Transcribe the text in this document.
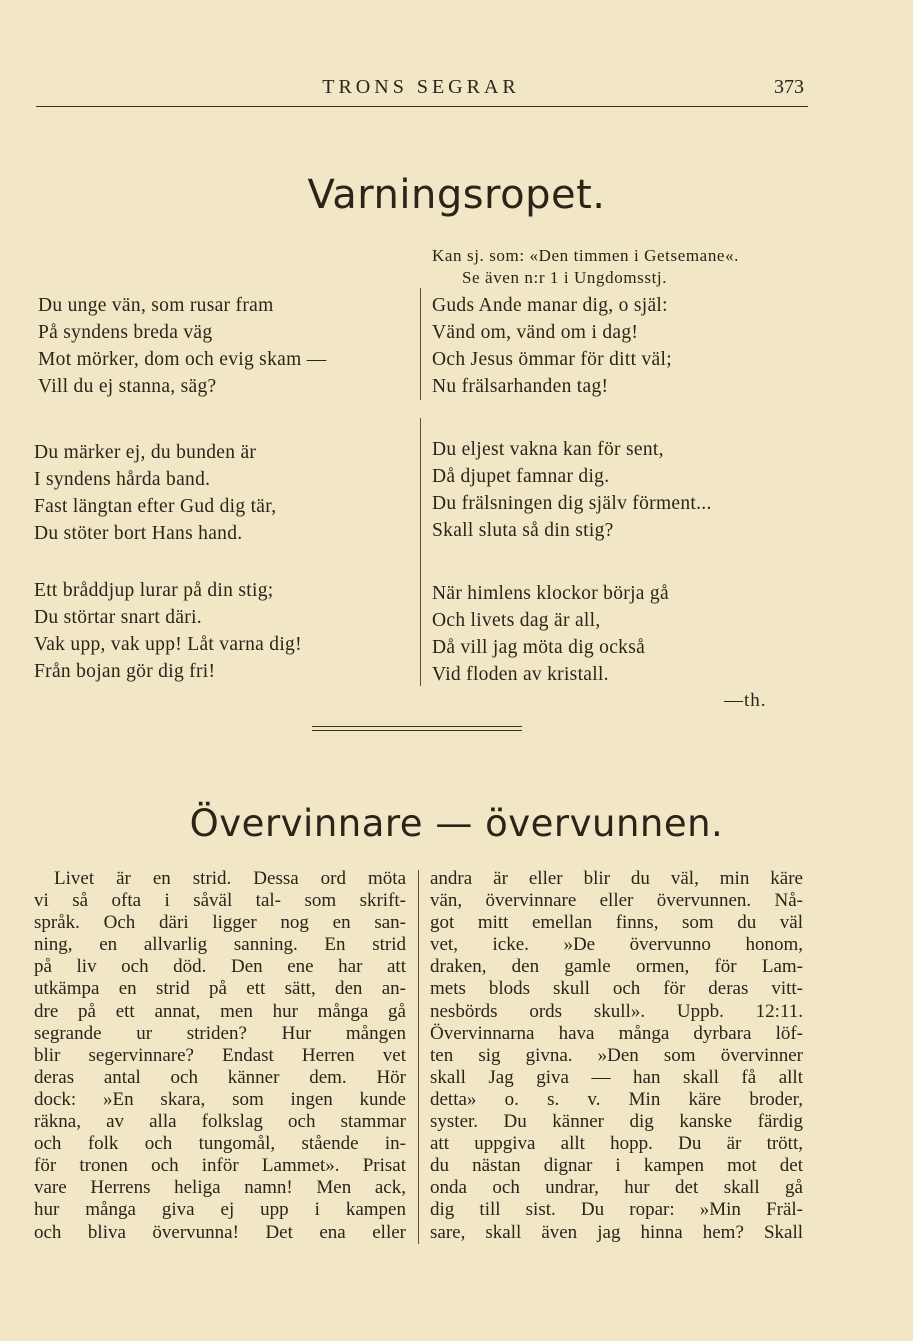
TRONS SEGRAR	373
Varningsropet.
Kan sj. som: «Den timmen i Getsemane«.
Se även n:r 1 i Ungdomsstj.
Du unge vän, som rusar fram
På syndens breda väg
Mot mörker, dom och evig skam —
Vill du ej stanna, säg?
Du märker ej, du bunden är
I syndens hårda band.
Fast längtan efter Gud dig tär,
Du stöter bort Hans hand.
Ett bråddjup lurar på din stig;
Du störtar snart däri.
Vak upp, vak upp! Låt varna dig!
Från bojan gör dig fri!
Guds Ande manar dig, o själ:
Vänd om, vänd om i dag!
Och Jesus ömmar för ditt väl;
Nu frälsarhanden tag!
Du eljest vakna kan för sent,
Då djupet famnar dig.
Du frälsningen dig själv förment...
Skall sluta så din stig?
När himlens klockor börja gå
Och livets dag är all,
Då vill jag möta dig också
Vid floden av kristall.
—th.
Övervinnare — övervunnen.
Livet är en strid. Dessa ord möta
vi så ofta i såväl tal- som skrift-
språk. Och däri ligger nog en san-
ning, en allvarlig sanning. En strid
på liv och död. Den ene har att
utkämpa en strid på ett sätt, den an-
dre på ett annat, men hur många gå
segrande ur striden? Hur mången
blir segervinnare? Endast Herren vet
deras antal och känner dem. Hör
dock: »En skara, som ingen kunde
räkna, av alla folkslag och stammar
och folk och tungomål, stående in-
för tronen och inför Lammet». Prisat
vare Herrens heliga namn! Men ack,
hur många giva ej upp i kampen
och bliva övervunna! Det ena eller
andra är eller blir du väl, min käre
vän, övervinnare eller övervunnen. Nå-
got mitt emellan finns, som du väl
vet, icke. »De övervunno honom,
draken, den gamle ormen, för Lam-
mets blods skull och för deras vitt-
nesbörds ords skull». Uppb. 12:11.
Övervinnarna hava många dyrbara löf-
ten sig givna. »Den som övervinner
skall Jag giva — han skall få allt
detta» o. s. v. Min käre broder,
syster. Du känner dig kanske färdig
att uppgiva allt hopp. Du är trött,
du nästan dignar i kampen mot det
onda och undrar, hur det skall gå
dig till sist. Du ropar: »Min Fräl-
sare, skall även jag hinna hem? Skall
